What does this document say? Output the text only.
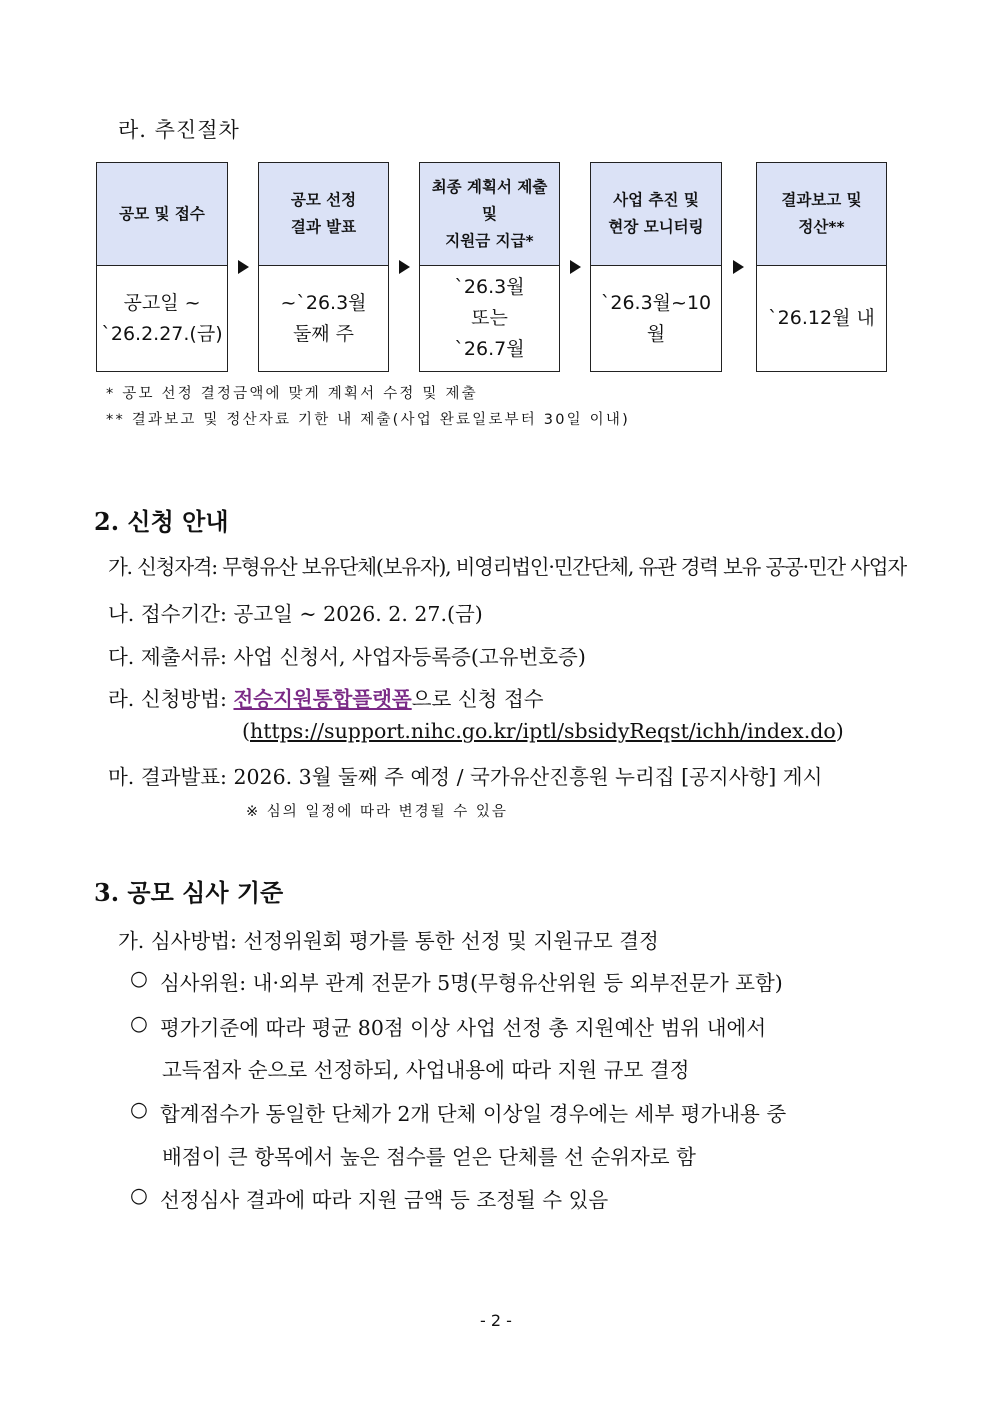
라. 추진절차
공모 및 접수
공고일 ~
`26.2.27.(금)
공모 선정
결과 발표
~`26.3월
둘째 주
최종 계획서 제출
및
지원금 지급*
`26.3월
또는
`26.7월
사업 추진 및
현장 모니터링
`26.3월~10
월
결과보고 및
정산**
`26.12월 내
* 공모 선정 결정금액에 맞게 계획서 수정 및 제출
** 결과보고 및 정산자료 기한 내 제출(사업 완료일로부터 30일 이내)
2. 신청 안내
가. 신청자격: 무형유산 보유단체(보유자), 비영리법인·민간단체, 유관 경력 보유 공공·민간 사업자
나. 접수기간: 공고일 ~ 2026. 2. 27.(금)
다. 제출서류: 사업 신청서, 사업자등록증(고유번호증)
라. 신청방법: 전승지원통합플랫폼으로 신청 접수
(https://support.nihc.go.kr/iptl/sbsidyReqst/ichh/index.do)
마. 결과발표: 2026. 3월 둘째 주 예정 / 국가유산진흥원 누리집 [공지사항] 게시
※ 심의 일정에 따라 변경될 수 있음
3. 공모 심사 기준
가. 심사방법: 선정위원회 평가를 통한 선정 및 지원규모 결정
○ 심사위원: 내·외부 관계 전문가 5명(무형유산위원 등 외부전문가 포함)
○ 평가기준에 따라 평균 80점 이상 사업 선정 총 지원예산 범위 내에서
고득점자 순으로 선정하되, 사업내용에 따라 지원 규모 결정
○ 합계점수가 동일한 단체가 2개 단체 이상일 경우에는 세부 평가내용 중
배점이 큰 항목에서 높은 점수를 얻은 단체를 선 순위자로 함
○ 선정심사 결과에 따라 지원 금액 등 조정될 수 있음
- 2 -
